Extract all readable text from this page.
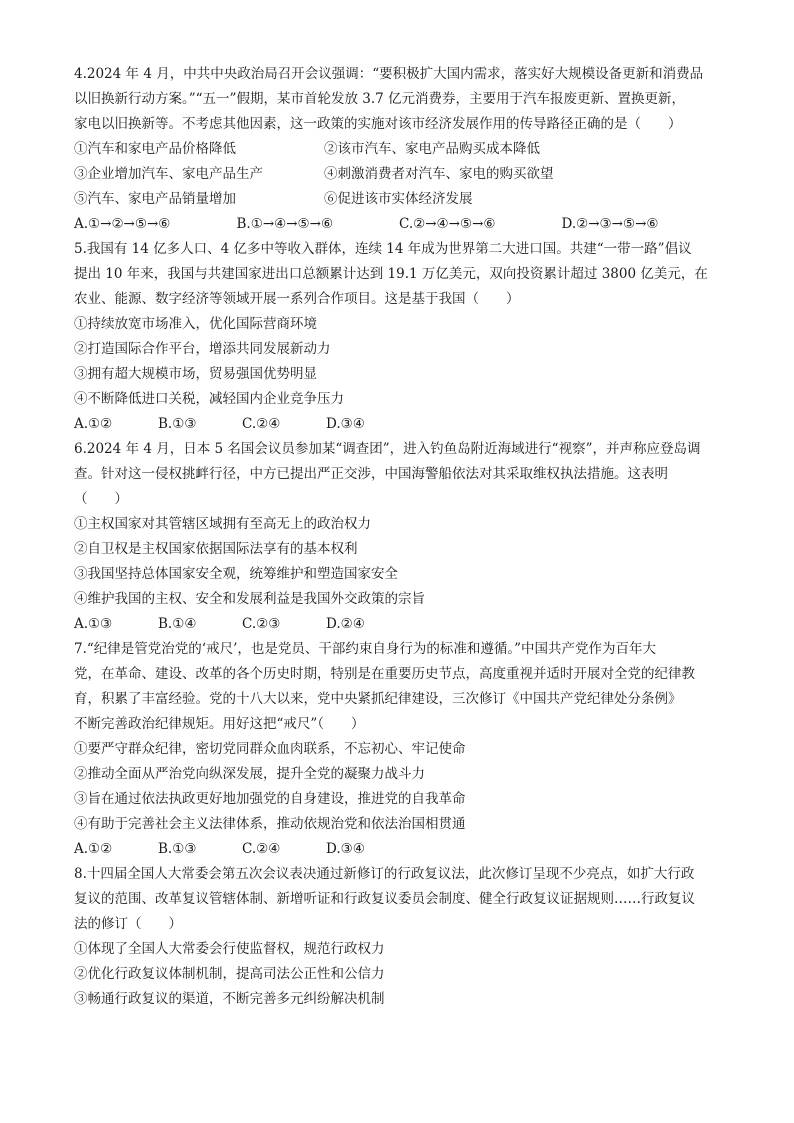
4.2024 年 4 月，中共中央政治局召开会议强调：“要积极扩大国内需求，落实好大规模设备更新和消费品
以旧换新行动方案。”“五一”假期，某市首轮发放 3.7 亿元消费券，主要用于汽车报废更新、置换更新，
家电以旧换新等。不考虑其他因素，这一政策的实施对该市经济发展作用的传导路径正确的是（　　）
①汽车和家电产品价格降低	②该市汽车、家电产品购买成本降低
③企业增加汽车、家电产品生产	④刺激消费者对汽车、家电的购买欲望
⑤汽车、家电产品销量增加	⑥促进该市实体经济发展
A.①→②→⑤→⑥	B.①→④→⑤→⑥	C.②→④→⑤→⑥	D.②→③→⑤→⑥
5.我国有 14 亿多人口、4 亿多中等收入群体，连续 14 年成为世界第二大进口国。共建“一带一路”倡议
提出 10 年来，我国与共建国家进出口总额累计达到 19.1 万亿美元，双向投资累计超过 3800 亿美元，在
农业、能源、数字经济等领域开展一系列合作项目。这是基于我国（　　）
①持续放宽市场准入，优化国际营商环境
②打造国际合作平台，增添共同发展新动力
③拥有超大规模市场，贸易强国优势明显
④不断降低进口关税，减轻国内企业竞争压力
A.①②	B.①③	C.②④	D.③④
6.2024 年 4 月，日本 5 名国会议员参加某“调查团”，进入钓鱼岛附近海域进行“视察”，并声称应登岛调
查。针对这一侵权挑衅行径，中方已提出严正交涉，中国海警船依法对其采取维权执法措施。这表明
（　　）
①主权国家对其管辖区域拥有至高无上的政治权力
②自卫权是主权国家依据国际法享有的基本权利
③我国坚持总体国家安全观，统筹维护和塑造国家安全
④维护我国的主权、安全和发展利益是我国外交政策的宗旨
A.①③	B.①④	C.②③	D.②④
7.“纪律是管党治党的‘戒尺’，也是党员、干部约束自身行为的标准和遵循。”中国共产党作为百年大
党，在革命、建设、改革的各个历史时期，特别是在重要历史节点，高度重视并适时开展对全党的纪律教
育，积累了丰富经验。党的十八大以来，党中央紧抓纪律建设，三次修订《中国共产党纪律处分条例》
不断完善政治纪律规矩。用好这把“戒尺”（　　）
①要严守群众纪律，密切党同群众血肉联系，不忘初心、牢记使命
②推动全面从严治党向纵深发展，提升全党的凝聚力战斗力
③旨在通过依法执政更好地加强党的自身建设，推进党的自我革命
④有助于完善社会主义法律体系，推动依规治党和依法治国相贯通
A.①②	B.①③	C.②④	D.③④
8.十四届全国人大常委会第五次会议表决通过新修订的行政复议法，此次修订呈现不少亮点，如扩大行政
复议的范围、改革复议管辖体制、新增听证和行政复议委员会制度、健全行政复议证据规则……行政复议
法的修订（　　）
①体现了全国人大常委会行使监督权，规范行政权力
②优化行政复议体制机制，提高司法公正性和公信力
③畅通行政复议的渠道，不断完善多元纠纷解决机制
